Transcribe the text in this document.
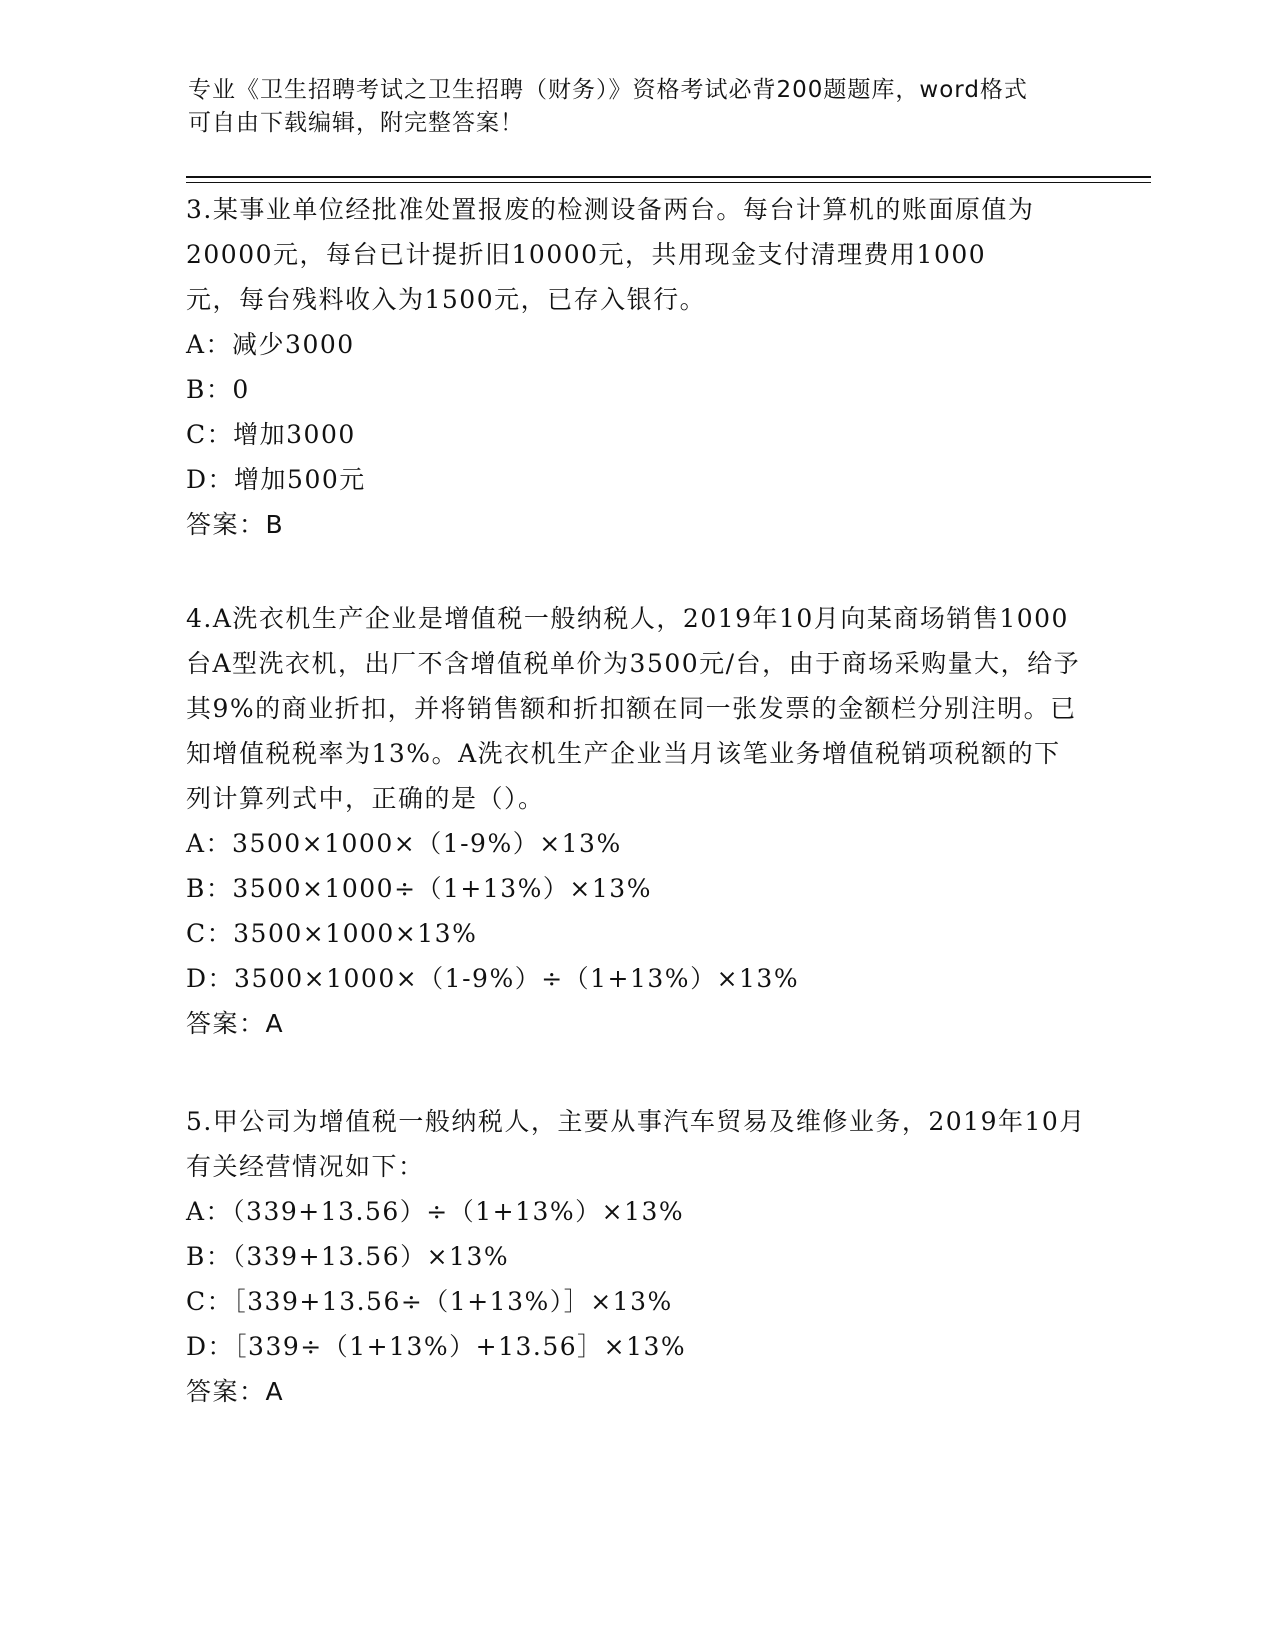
专业《卫生招聘考试之卫生招聘（财务）》资格考试必背200题题库，word格式
可自由下载编辑，附完整答案！
3.某事业单位经批准处置报废的检测设备两台。每台计算机的账面原值为20000元，每台已计提折旧10000元，共用现金支付清理费用1000元，每台残料收入为1500元，已存入银行。
A：减少3000
B：0
C：增加3000
D：增加500元
答案：B
4.A洗衣机生产企业是增值税一般纳税人，2019年10月向某商场销售1000台A型洗衣机，出厂不含增值税单价为3500元/台，由于商场采购量大，给予其9%的商业折扣，并将销售额和折扣额在同一张发票的金额栏分别注明。已知增值税税率为13%。A洗衣机生产企业当月该笔业务增值税销项税额的下列计算列式中，正确的是（）。
A：3500×1000×（1-9%）×13%
B：3500×1000÷（1+13%）×13%
C：3500×1000×13%
D：3500×1000×（1-9%）÷（1+13%）×13%
答案：A
5.甲公司为增值税一般纳税人，主要从事汽车贸易及维修业务，2019年10月有关经营情况如下：
A：（339+13.56）÷（1+13%）×13%
B：（339+13.56）×13%
C：［339+13.56÷（1+13%）］×13%
D：［339÷（1+13%）+13.56］×13%
答案：A
